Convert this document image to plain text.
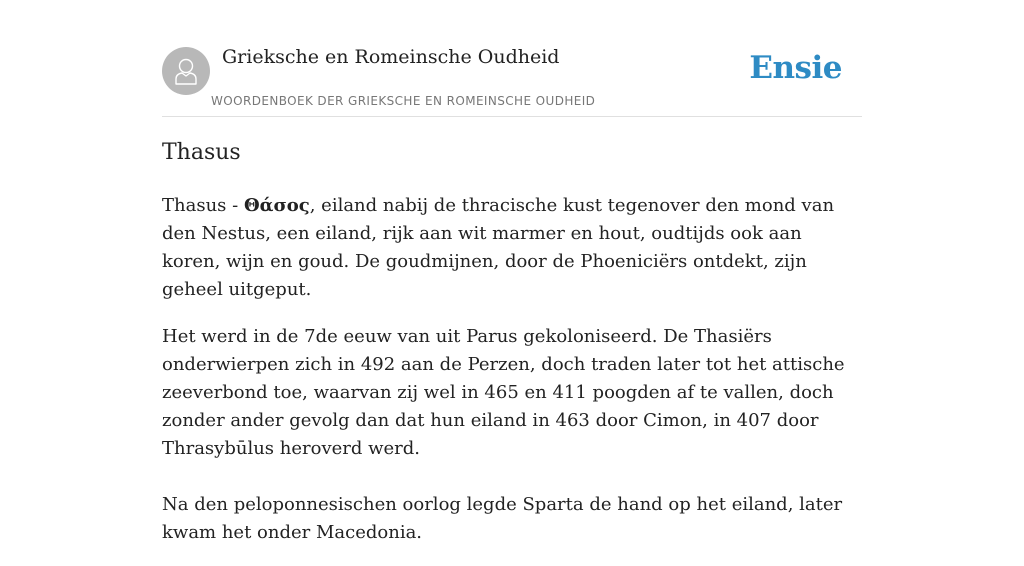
Grieksche en Romeinsche Oudheid
WOORDENBOEK DER GRIEKSCHE EN ROMEINSCHE OUDHEID
Ensie
Thasus

Thasus - Θάσος, eiland nabij de thracische kust tegenover den mond van den Nestus, een eiland, rijk aan wit marmer en hout, oudtijds ook aan koren, wijn en goud. De goudmijnen, door de Phoeniciërs ontdekt, zijn geheel uitgeput.

Het werd in de 7de eeuw van uit Parus gekoloniseerd. De Thasiërs onderwierpen zich in 492 aan de Perzen, doch traden later tot het attische zeeverbond toe, waarvan zij wel in 465 en 411 poogden af te vallen, doch zonder ander gevolg dan dat hun eiland in 463 door Cimon, in 407 door Thrasybūlus heroverd werd.

Na den peloponnesischen oorlog legde Sparta de hand op het eiland, later kwam het onder Macedonia.
